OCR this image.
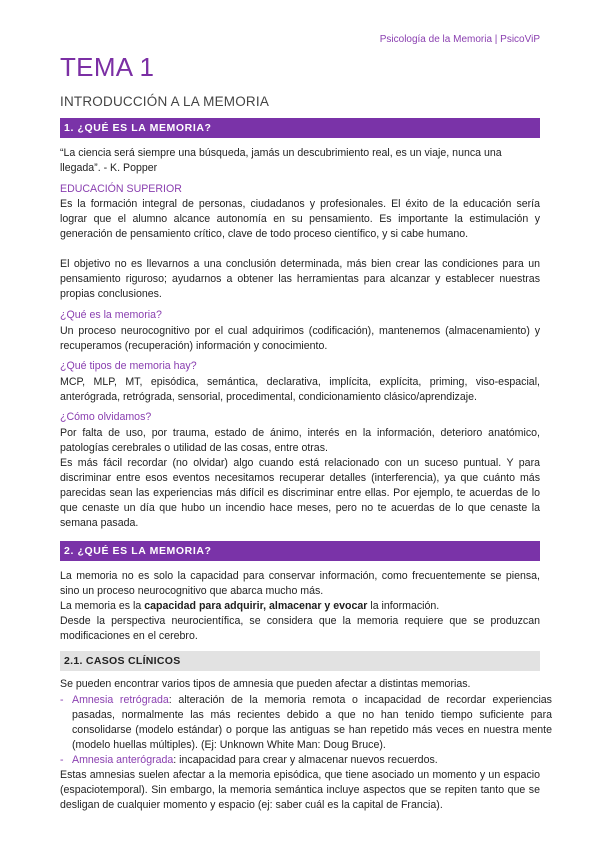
Psicología de la Memoria | PsicoViP
TEMA 1
INTRODUCCIÓN A LA MEMORIA
1. ¿QUÉ ES LA MEMORIA?
“La ciencia será siempre una búsqueda, jamás un descubrimiento real, es un viaje, nunca una llegada”. - K. Popper
EDUCACIÓN SUPERIOR
Es la formación integral de personas, ciudadanos y profesionales. El éxito de la educación sería lograr que el alumno alcance autonomía en su pensamiento. Es importante la estimulación y generación de pensamiento crítico, clave de todo proceso científico, y si cabe humano.
El objetivo no es llevarnos a una conclusión determinada, más bien crear las condiciones para un pensamiento riguroso; ayudarnos a obtener las herramientas para alcanzar y establecer nuestras propias conclusiones.
¿Qué es la memoria?
Un proceso neurocognitivo por el cual adquirimos (codificación), mantenemos (almacenamiento) y recuperamos (recuperación) información y conocimiento.
¿Qué tipos de memoria hay?
MCP, MLP, MT, episódica, semántica, declarativa, implícita, explícita, priming, viso-espacial, anterógrada, retrógrada, sensorial, procedimental, condicionamiento clásico/aprendizaje.
¿Cómo olvidamos?
Por falta de uso, por trauma, estado de ánimo, interés en la información, deterioro anatómico, patologías cerebrales o utilidad de las cosas, entre otras.
Es más fácil recordar (no olvidar) algo cuando está relacionado con un suceso puntual. Y para discriminar entre esos eventos necesitamos recuperar detalles (interferencia), ya que cuánto más parecidas sean las experiencias más difícil es discriminar entre ellas. Por ejemplo, te acuerdas de lo que cenaste un día que hubo un incendio hace meses, pero no te acuerdas de lo que cenaste la semana pasada.
2. ¿QUÉ ES LA MEMORIA?
La memoria no es solo la capacidad para conservar información, como frecuentemente se piensa, sino un proceso neurocognitivo que abarca mucho más.
La memoria es la capacidad para adquirir, almacenar y evocar la información.
Desde la perspectiva neurocientífica, se considera que la memoria requiere que se produzcan modificaciones en el cerebro.
2.1. CASOS CLÍNICOS
Se pueden encontrar varios tipos de amnesia que pueden afectar a distintas memorias.
- Amnesia retrógrada: alteración de la memoria remota o incapacidad de recordar experiencias pasadas, normalmente las más recientes debido a que no han tenido tiempo suficiente para consolidarse (modelo estándar) o porque las antiguas se han repetido más veces en nuestra mente (modelo huellas múltiples). (Ej: Unknown White Man: Doug Bruce).
- Amnesia anterógrada: incapacidad para crear y almacenar nuevos recuerdos.
Estas amnesias suelen afectar a la memoria episódica, que tiene asociado un momento y un espacio (espaciotemporal). Sin embargo, la memoria semántica incluye aspectos que se repiten tanto que se desligan de cualquier momento y espacio (ej: saber cuál es la capital de Francia).
